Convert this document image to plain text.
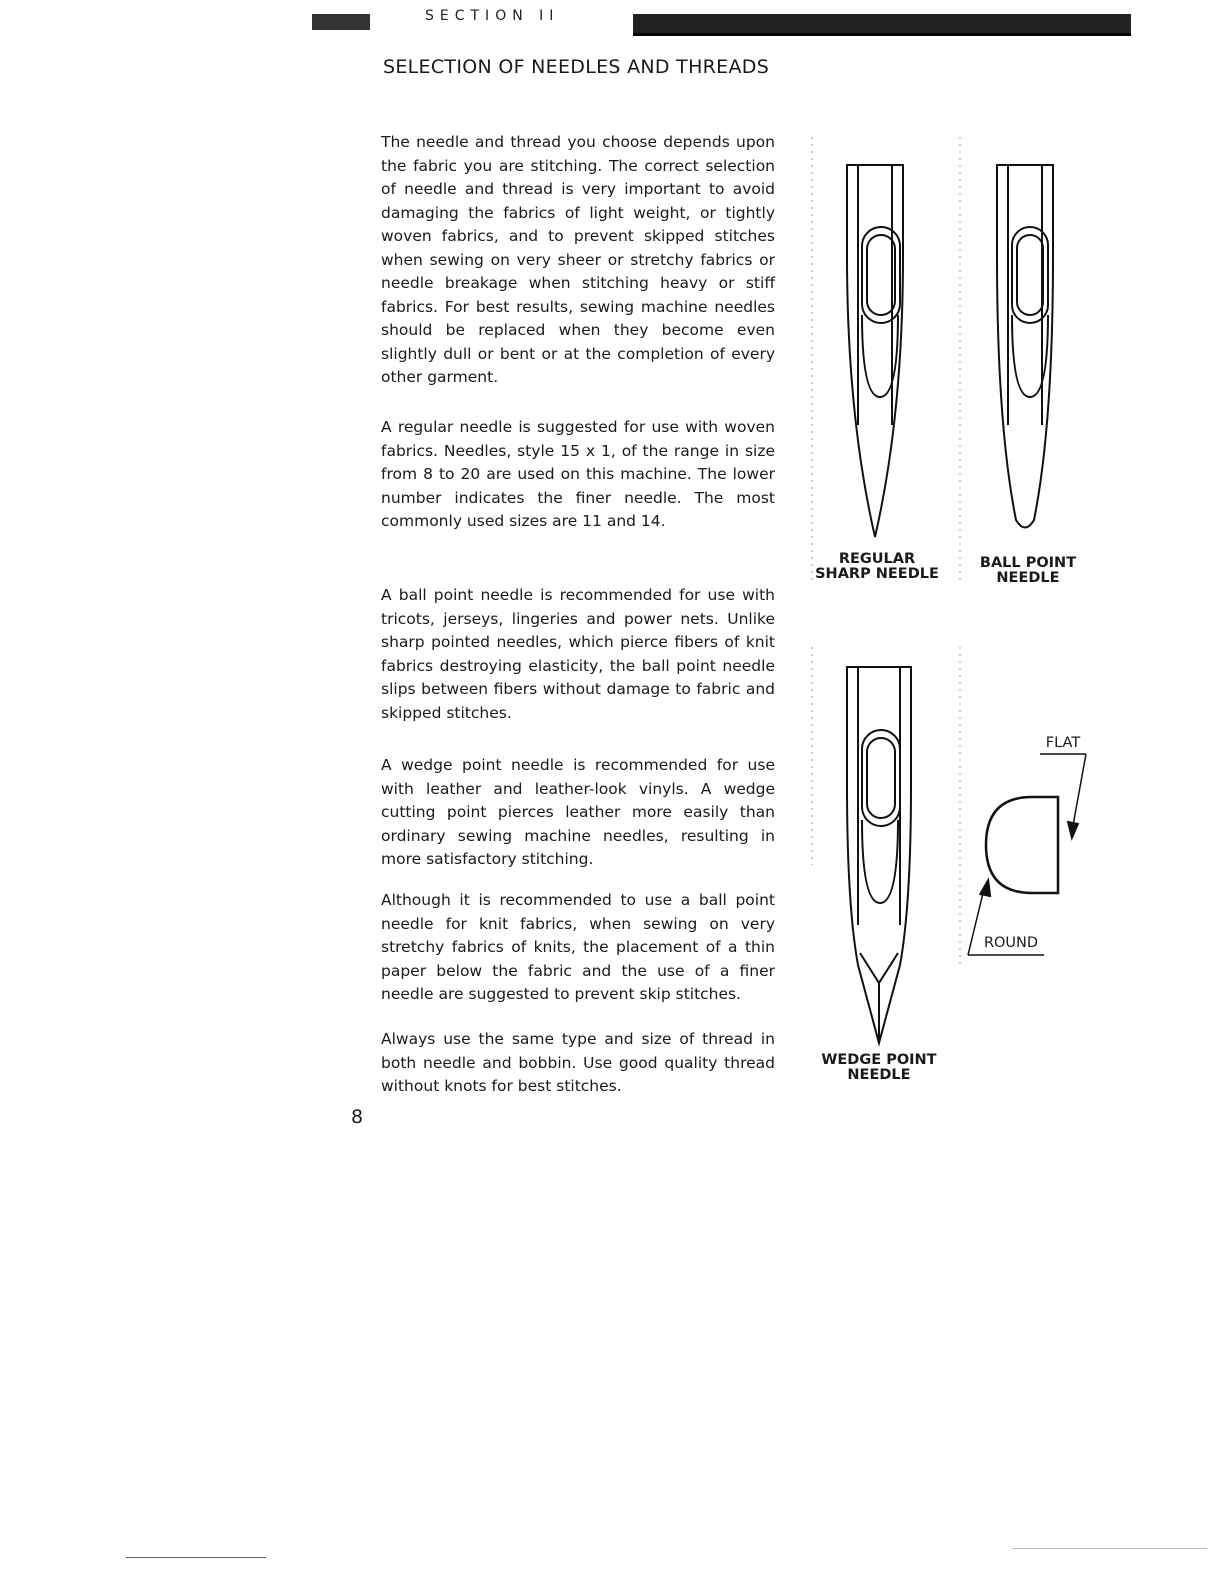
SECTION II
SELECTION OF NEEDLES AND THREADS

The needle and thread you choose depends upon the fabric you are stitching. The correct selection of needle and thread is very important to avoid damaging the fabrics of light weight, or tightly woven fabrics, and to prevent skipped stitches when sewing on very sheer or stretchy fabrics or needle breakage when stitching heavy or stiff fabrics. For best results, sewing machine needles should be replaced when they become even slightly dull or bent or at the completion of every other garment.

A regular needle is suggested for use with woven fabrics. Needles, style 15 x 1, of the range in size from 8 to 20 are used on this machine. The lower number indicates the finer needle. The most commonly used sizes are 11 and 14.

A ball point needle is recommended for use with tricots, jerseys, lingeries and power nets. Unlike sharp pointed needles, which pierce fibers of knit fabrics destroying elasticity, the ball point needle slips between fibers without damage to fabric and skipped stitches.

A wedge point needle is recommended for use with leather and leather-look vinyls. A wedge cutting point pierces leather more easily than ordinary sewing machine needles, resulting in more satisfactory stitching.

Although it is recommended to use a ball point needle for knit fabrics, when sewing on very stretchy fabrics of knits, the placement of a thin paper below the fabric and the use of a finer needle are suggested to prevent skip stitches.

Always use the same type and size of thread in both needle and bobbin. Use good quality thread without knots for best stitches.

8
REGULAR
SHARP NEEDLE
BALL POINT
NEEDLE
WEDGE POINT
NEEDLE
FLAT
ROUND
